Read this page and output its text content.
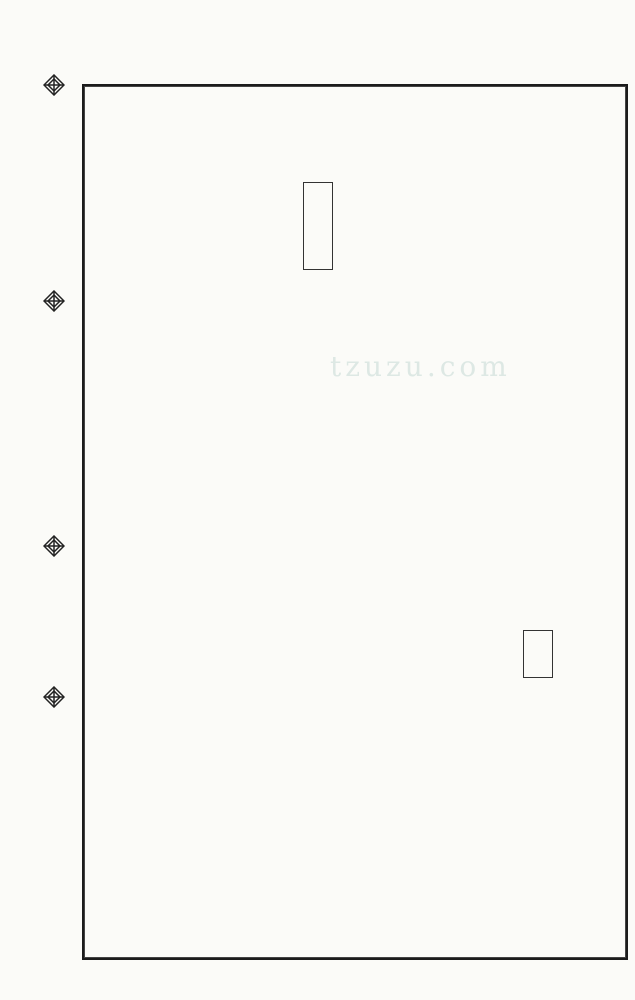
tzuzu.com
